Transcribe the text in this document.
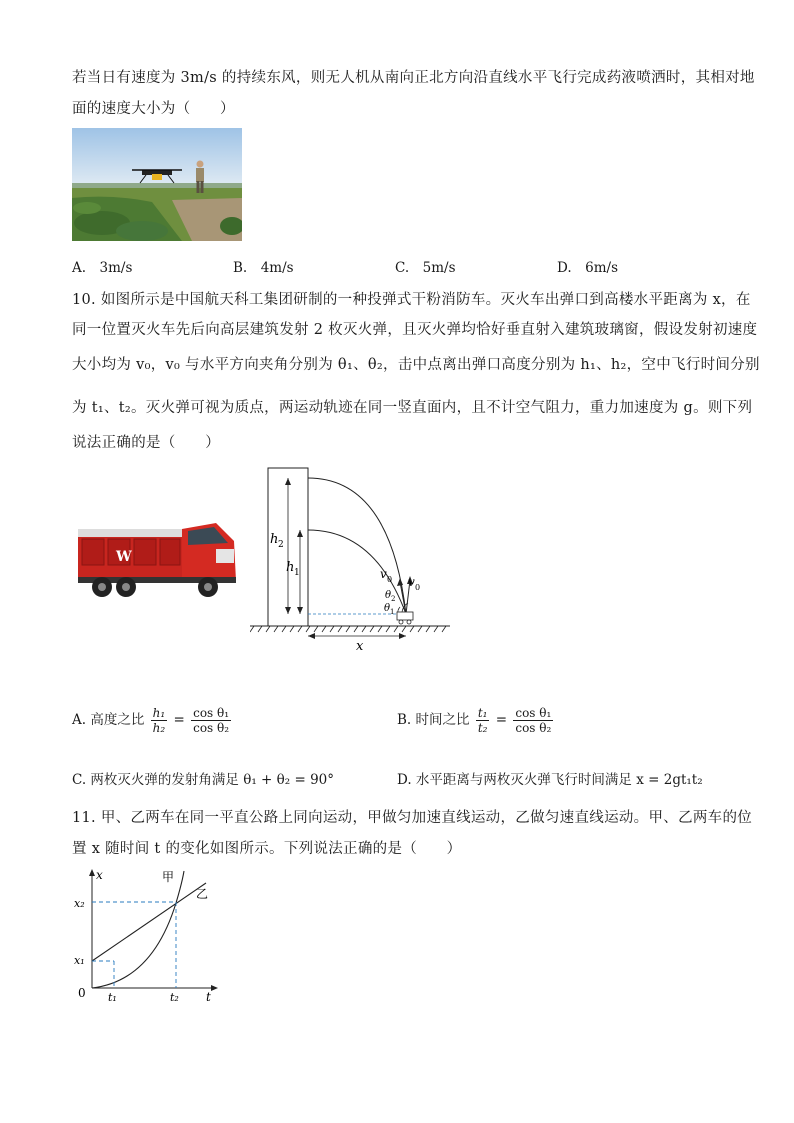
若当日有速度为 3m/s 的持续东风，则无人机从南向正北方向沿直线水平飞行完成药液喷洒时，其相对地
面的速度大小为（　　）
A.　3m/s	B.　4m/s	C.　5m/s	D.　6m/s
10. 如图所示是中国航天科工集团研制的一种投弹式干粉消防车。灭火车出弹口到高楼水平距离为 x，在
同一位置灭火车先后向高层建筑发射 2 枚灭火弹，且灭火弹均恰好垂直射入建筑玻璃窗，假设发射初速度
大小均为 v₀，v₀ 与水平方向夹角分别为 θ₁、θ₂，击中点离出弹口高度分别为 h₁、h₂，空中飞行时间分别
为 t₁、t₂。灭火弹可视为质点，两运动轨迹在同一竖直面内，且不计空气阻力，重力加速度为 g。则下列
说法正确的是（　　）
W
h 2
h 1	v 0 v 0
θ 2
θ 1
x
A. 高度之比 $\frac{\text{h₁}}{\text{h₂}} = \frac{\text{cos θ₁}}{\text{cos θ₂}}$	B. 时间之比 $\frac{\text{t₁}}{\text{t₂}} = \frac{\text{cos θ₁}}{\text{cos θ₂}}$
C. 两枚灭火弹的发射角满足 θ₁ + θ₂ = 90°	D. 水平距离与两枚灭火弹飞行时间满足 x = 2gt₁t₂
11. 甲、乙两车在同一平直公路上同向运动，甲做匀加速直线运动，乙做匀速直线运动。甲、乙两车的位
置 x 随时间 t 的变化如图所示。下列说法正确的是（　　）
x
t
0
x₂
x₁
t₁	t₂
甲
乙
